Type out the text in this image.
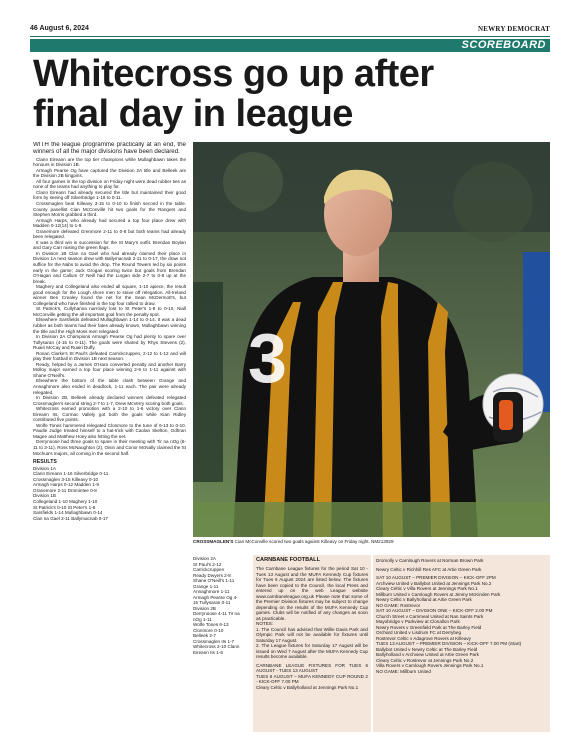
46 August 6, 2024	NEWRY DEMOCRAT
SCOREBOARD
Whitecross go up after
final day in league
WITH the league programme practically at an end, the winners of all the major divisions have been declared.

Clann Eireann are the top tier champions while Mullaghbawn takes the honours in Division 1B.

Armagh Pearse Og have captured the Division 2A title and Belleek are the Division 2B kingpins.

All four games in the top division on Friday night were dead rubber ties as none of the teams had anything to play for.

Clann Eireann had already secured the title but maintained their good form by seeing off Silverbridge 1-16 to 0-11.

Crossmaglen beat Killeavy 3-15 to 0-10 to finish second in the table. County panellist Cian McConville hit two goals for the Rangers and Stephen Morris grabbed a third.

Armagh Harps, who already had secured a top four place drew with Madden 0-12(14) to 1-9.

Granemore defeated Grenmore 2-11 to 0-8 but both teams had already been relegated.

It was a third win in succession for the St Mary's outfit. Brendan Boylan and Gary Carr raising the green flags.

In Division 1B Clan na Gael who had already claimed their place in Division 1A next season drew with Ballymacnab 2-11 to 0-17, the draw not suffice for the Nabs to avoid the drop. The Round Towers led by six points early in the game; Jack Grogan scoring twice but goals from Brendan O'Hagan and Callum O' Neill had the Lurgan side 2-7 to 0-8 up at the break.

Maghery and Collegeland also ended all square, 1-10 apiece, the result good enough for the Lough shore men to stave off relegation. All-Ireland winner Ben Crealey found the net for the Sean McDermott's, but Collegeland who have finished in the top four rallied to draw.

St Patrick's, Cullyhanna narrowly lost to St Peter's 1-8 to 0-10, Niall McConville getting the all important goal from the penalty spot.

Elsewhere Sarsfields defeated Mullaghbawn 1-14 to 0-14. It was a dead rubber as both teams had their fates already known, Mullaghbawn winning the title and the High Moss men relegated.

In Division 2A Champions Armagh Pearse Og had plenty to spare over Tullysaran (4-15 to 0-11). The goals were shared by Rhys Stevens (2), Ruairi McCay and Ruairi Duffy.

Ronan Clarke's St Paul's defeated Carrickcruppen, 2-12 to 1-12 and will play their football in Division 1B next season.

Ready, helped by a James O'Hara converted penalty and another Barry Molloy major earned a top four place winning 2-9 to 1-11 against with Shane O'Neill's.

Elsewhere the bottom of the table clash between Grange and Annaghmore also ended in deadlock, 1-11 each. The pair were already relegated.

In Division 2B, Belleek already declared winners defeated relegated Crossmaglen's second string 2-7 to 1-7, Drew McVerry scoring both goals.

Whitecross earned promotion with a 2-10 to 1-6 victory over Clann Eireann IIs, Cormac Vallely got both the goals while Kian Ridley contributed five points.

Wolfe Tones hammered relegated Clonmore to the tune of 6-13 to 0-10. Paudie Judge treated himself to a hat-trick with Caolan Skelton, Odhran Magee and Matthew Hoey also hitting the net.

Derrynoose had three goals to spare in their meeting with Tir na nOg (6-11 to 3-11), Ross McNaughton (2), Oisin and Conor McNally claimed the St Mochua's majors, all coming in the second half.

RESULTS

Division 1A

Clann Eireann 1-16 Silverbridge 0-11

Crossmaglen 3-15 Killeavy 0-10

Armagh Harps 0-12 Madden 1-9

Granemore 2-11 Dromintee 0-8

Division 1B

Collegeland 1-10 Maghery 1-10

St Patrick's 0-10 St Peter's 1-8

Sarsfields 1-14 Mullaghbawn 0-14

Clan na Gael 2-11 Ballymacnab 0-17

3
CROSSMAGLEN'S Cian McConville scored two goals against Killeavy on Friday night. NM213929

Division 2A

St Paul's 2-12 Carrickcruppen

Ready Dwyers 2-8 Shane O'Neill's 1-11

Grange 1-11 Annaghmore 1-11

Armagh Pearse Og 4-15 Tullysaran 0-11

Division 2B

Derrynoose 4-11 Tir na nOg 1-11

Wolfe Tones 6-13 Clonmore 0-10

Belleek 2-7 Crossmaglen IIs 1-7

Whitecross 2-10 Clann Eireann IIs 1-6

CARNBANE FOOTBALL

The Carnbane League fixtures for the period Sat 10 - Tues 13 August and the MUFA Kennedy Cup fixtures for Tues 6 August 2024 are listed below. The fixtures have been copied to the Council, the local Press and entered up on the web League website www.carnbaneleague.org.uk Please note that some of the Premier Division fixtures may be subject to change depending on the results of the MUFA Kennedy Cup games. Clubs will be notified of any changes as soon as practicable.

NOTES:

1. The Council has advised that Willie Davis Park and Olympic Park will not be available for fixtures until Saturday 17 August.

2. The League fixtures for Saturday 17 August will be issued on Wed 7 August after the MUFA Kennedy Cup results become available.

CARNBANE LEAGUE FIXTURES FOR TUES 6 AUGUST - TUES 13 AUGUST

TUES 6 AUGUST – MUFA KENNEDY CUP ROUND 2 - KICK-OFF 7.00 PM

Cleary Celtic v Ballyholland at Jennings Park No.1

Dromolly v Camlough Rovers at Norman Brown Park

Newry Celtic v Richhill Res AFC at Artie Green Park

SAT 10 AUGUST – PREMIER DIVISION – KICK-OFF 2PM

Archview United v Ballybot United at Jennings Park No.2

Cleary Celtic v Villa Rovers at Jennings Park No.1

Millburn United v Camlough Rovers at Jimmy McKinden Park

Newry Celtic v Ballyholland at Artie Green Park

NO GAME: Rostrevor

SAT 10 AUGUST – DIVISION ONE – KICK-OFF 2.00 PM

Church Street v Carnmeal United at Nan Saints Park

Mayobridge v Parkview at Clonallon Park

Newry Rovers v Greenfield Park at The Barley Field

Orchard United v Lisdrum FC at Derrybeg

Rostrevor Celtic v Adagrove Rovers at Killeavy

TUES 13 AUGUST – PREMIER DIVISION – KICK-OFF 7.00 PM (Start)

Ballybot United v Newry Celtic at The Barley Field

Ballyholland v Archview United at Artie Green Park

Cleary Celtic v Rostrevor at Jennings Park No.2

Villa Rovers v Camlough Rovers Jennings Park No.1

NO GAME: Millburn United
